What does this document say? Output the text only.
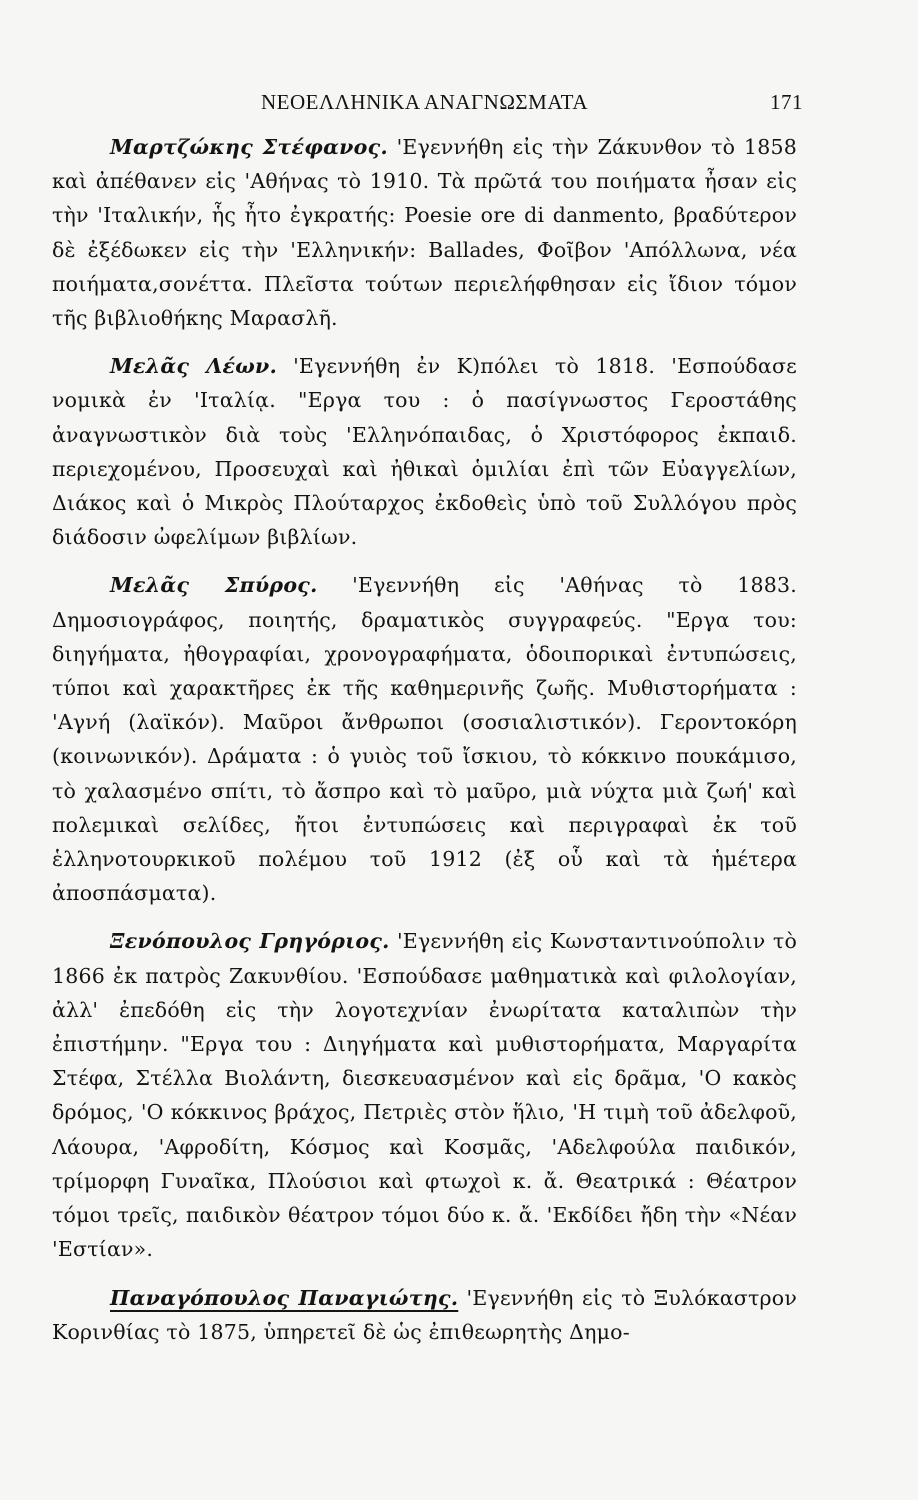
ΝΕΟΕΛΛΗΝΙΚΑ ΑΝΑΓΝΩΣΜΑΤΑ	171

Μαρτζώκης Στέφανος. 'Εγεννήθη εἰς τὴν Ζάκυνθον τὸ 1858 καὶ ἀπέθανεν εἰς 'Αθήνας τὸ 1910. Τὰ πρῶτά του ποιήματα ἦσαν εἰς τὴν 'Ιταλικήν, ἧς ἦτο ἐγκρατής: Poesie ore di danmento, βραδύτερον δὲ ἐξέδωκεν εἰς τὴν 'Ελληνικήν: Ballades, Φοῖβον 'Απόλλωνα, νέα ποιήματα,σονέττα. Πλεῖστα τούτων περιελήφθησαν εἰς ἴδιον τόμον τῆς βιβλιοθήκης Μαρασλῆ.

Μελᾶς Λέων. 'Εγεννήθη ἐν Κ)πόλει τὸ 1818. 'Εσπούδασε νομικὰ ἐν 'Ιταλίᾳ. "Εργα του : ὁ πασίγνωστος Γεροστάθης ἀναγνωστικὸν διὰ τοὺς 'Ελληνόπαιδας, ὁ Χριστόφορος ἐκπαιδ. περιεχομένου, Προσευχαὶ καὶ ἠθικαὶ ὁμιλίαι ἐπὶ τῶν Εὐαγγελίων, Διάκος καὶ ὁ Μικρὸς Πλούταρχος ἐκδοθεὶς ὑπὸ τοῦ Συλλόγου πρὸς διάδοσιν ὠφελίμων βιβλίων.

Μελᾶς Σπύρος. 'Εγεννήθη εἰς 'Αθήνας τὸ 1883. Δημοσιογράφος, ποιητής, δραματικὸς συγγραφεύς. "Εργα του: διηγήματα, ἠθογραφίαι, χρονογραφήματα, ὁδοιπορικαὶ ἐντυπώσεις, τύποι καὶ χαρακτῆρες ἐκ τῆς καθημερινῆς ζωῆς. Μυθιστορήματα : 'Αγνή (λαϊκόν). Μαῦροι ἄνθρωποι (σοσιαλιστικόν). Γεροντοκόρη (κοινωνικόν). Δράματα : ὁ γυιὸς τοῦ ἴσκιου, τὸ κόκκινο πουκάμισο, τὸ χαλασμένο σπίτι, τὸ ἄσπρο καὶ τὸ μαῦρο, μιὰ νύχτα μιὰ ζωή' καὶ πολεμικαὶ σελίδες, ἤτοι ἐντυπώσεις καὶ περιγραφαὶ ἐκ τοῦ ἑλληνοτουρκικοῦ πολέμου τοῦ 1912 (ἐξ οὗ καὶ τὰ ἡμέτερα ἀποσπάσματα).

Ξενόπουλος Γρηγόριος. 'Εγεννήθη εἰς Κωνσταντινούπολιν τὸ 1866 ἐκ πατρὸς Ζακυνθίου. 'Εσπούδασε μαθηματικὰ καὶ φιλολογίαν, ἀλλ' ἐπεδόθη εἰς τὴν λογοτεχνίαν ἐνωρίτατα καταλιπὼν τὴν ἐπιστήμην. "Εργα του : Διηγήματα καὶ μυθιστορήματα, Μαργαρίτα Στέφα, Στέλλα Βιολάντη, διεσκευασμένον καὶ εἰς δρᾶμα, 'Ο κακὸς δρόμος, 'Ο κόκκινος βράχος, Πετριὲς στὸν ἥλιο, 'Η τιμὴ τοῦ ἀδελφοῦ, Λάουρα, 'Αφροδίτη, Κόσμος καὶ Κοσμᾶς, 'Αδελφούλα παιδικόν, τρίμορφη Γυναῖκα, Πλούσιοι καὶ φτωχοὶ κ. ἄ. Θεατρικά : Θέατρον τόμοι τρεῖς, παιδικὸν θέατρον τόμοι δύο κ. ἄ. 'Εκδίδει ἤδη τὴν «Νέαν 'Εστίαν».

Παναγόπουλος Παναγιώτης. 'Εγεννήθη εἰς τὸ Ξυλόκαστρον Κορινθίας τὸ 1875, ὑπηρετεῖ δὲ ὡς ἐπιθεωρητὴς Δημο-
